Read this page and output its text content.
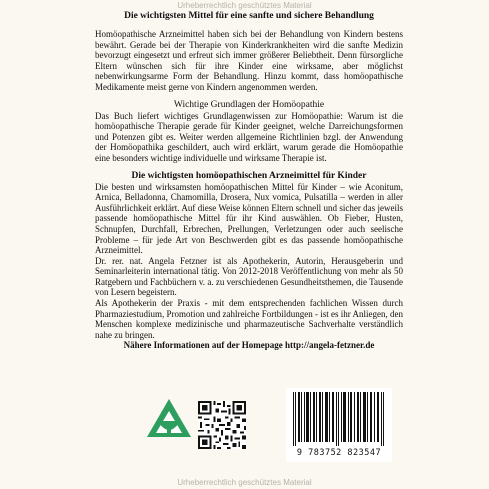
Urheberrechtlich geschütztes Material

Die wichtigsten Mittel für eine sanfte und sichere Behandlung

Homöopathische Arzneimittel haben sich bei der Behandlung von Kindern bestens bewährt. Gerade bei der Therapie von Kinderkrankheiten wird die sanfte Medizin bevorzugt eingesetzt und erfreut sich immer größerer Beliebtheit. Denn fürsorgliche Eltern wünschen sich für ihre Kinder eine wirksame, aber möglichst nebenwirkungsarme Form der Behandlung. Hinzu kommt, dass homöopathische Medikamente meist gerne von Kindern angenommen werden.

Wichtige Grundlagen der Homöopathie

Das Buch liefert wichtiges Grundlagenwissen zur Homöopathie: Warum ist die homöopathische Therapie gerade für Kinder geeignet, welche Darreichungsformen und Potenzen gibt es. Weiter werden allgemeine Richtlinien bzgl. der Anwendung der Homöopathika geschildert, auch wird erklärt, warum gerade die Homöopathie eine besonders wichtige individuelle und wirksame Therapie ist.

Die wichtigsten homöopathischen Arzneimittel für Kinder

Die besten und wirksamsten homöopathischen Mittel für Kinder – wie Aconitum, Arnica, Belladonna, Chamomilla, Drosera, Nux vomica, Pulsatilla – werden in aller Ausführlichkeit erklärt. Auf diese Weise können Eltern schnell und sicher das jeweils passende homöopathische Mittel für ihr Kind auswählen. Ob Fieber, Husten, Schnupfen, Durchfall, Erbrechen, Prellungen, Verletzungen oder auch seelische Probleme – für jede Art von Beschwerden gibt es das passende homöopathische Arzneimittel.

Dr. rer. nat. Angela Fetzner ist als Apothekerin, Autorin, Herausgeberin und Seminarleiterin international tätig. Von 2012-2018 Veröffentlichung von mehr als 50 Ratgebern und Fachbüchern v. a. zu verschiedenen Gesundheitsthemen, die Tausende von Lesern begeistern.

Als Apothekerin der Praxis - mit dem entsprechenden fachlichen Wissen durch Pharmaziestudium, Promotion und zahlreiche Fortbildungen - ist es ihr Anliegen, den Menschen komplexe medizinische und pharmazeutische Sachverhalte verständlich nahe zu bringen.

Nähere Informationen auf der Homepage http://angela-fetzner.de

9 783752 823547
Urheberrechtlich geschütztes Material
